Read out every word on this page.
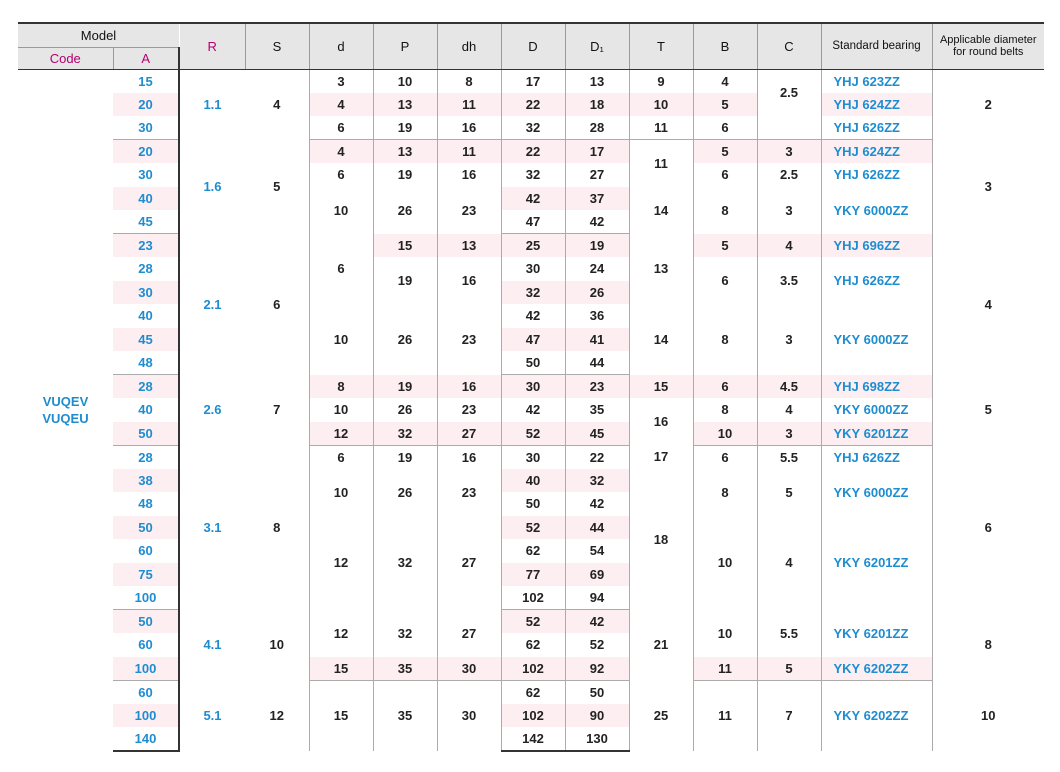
Model		R	S	d	P	dh	D	D₁	T	B	C	Standard bearing	Applicable diameter for round belts
Code	A												
VUQEV
VUQEU	15	1.1	4	3	10	8	17	13	9	4	2.5	YHJ 623ZZ	2
	20			4	13	11	22	18	10	5		YHJ 624ZZ	
	30			6	19	16	32	28	11	6		YHJ 626ZZ	
	20	1.6	5	4	13	11	22	17	11	5	3	YHJ 624ZZ	3
	30			6	19	16	32	27		6	2.5	YHJ 626ZZ	
	40			10	26	23	42	37	14	8	3	YKY 6000ZZ	
	45						47	42					
	23	2.1	6	6	15	13	25	19	13	5	4	YHJ 696ZZ	4
	28				19	16	30	24		6	3.5	YHJ 626ZZ	
	30						32	26					
	40			10	26	23	42	36	14	8	3	YKY 6000ZZ	
	45						47	41					
	48						50	44					
	28	2.6	7	8	19	16	30	23	15	6	4.5	YHJ 698ZZ	5
	40			10	26	23	42	35	16	8	4	YKY 6000ZZ	
	50			12	32	27	52	45		10	3	YKY 6201ZZ	
	28	3.1	8	6	19	16	30	22	17	6	5.5	YHJ 626ZZ	6
	38			10	26	23	40	32	18	8	5	YKY 6000ZZ	
	48						50	42					
	50			12	32	27	52	44		10	4	YKY 6201ZZ	
	60						62	54					
	75						77	69					
	100						102	94					
	50	4.1	10	12	32	27	52	42	21	10	5.5	YKY 6201ZZ	8
	60						62	52					
	100			15	35	30	102	92		11	5	YKY 6202ZZ	
	60	5.1	12	15	35	30	62	50	25	11	7	YKY 6202ZZ	10
	100						102	90					
	140						142	130					
